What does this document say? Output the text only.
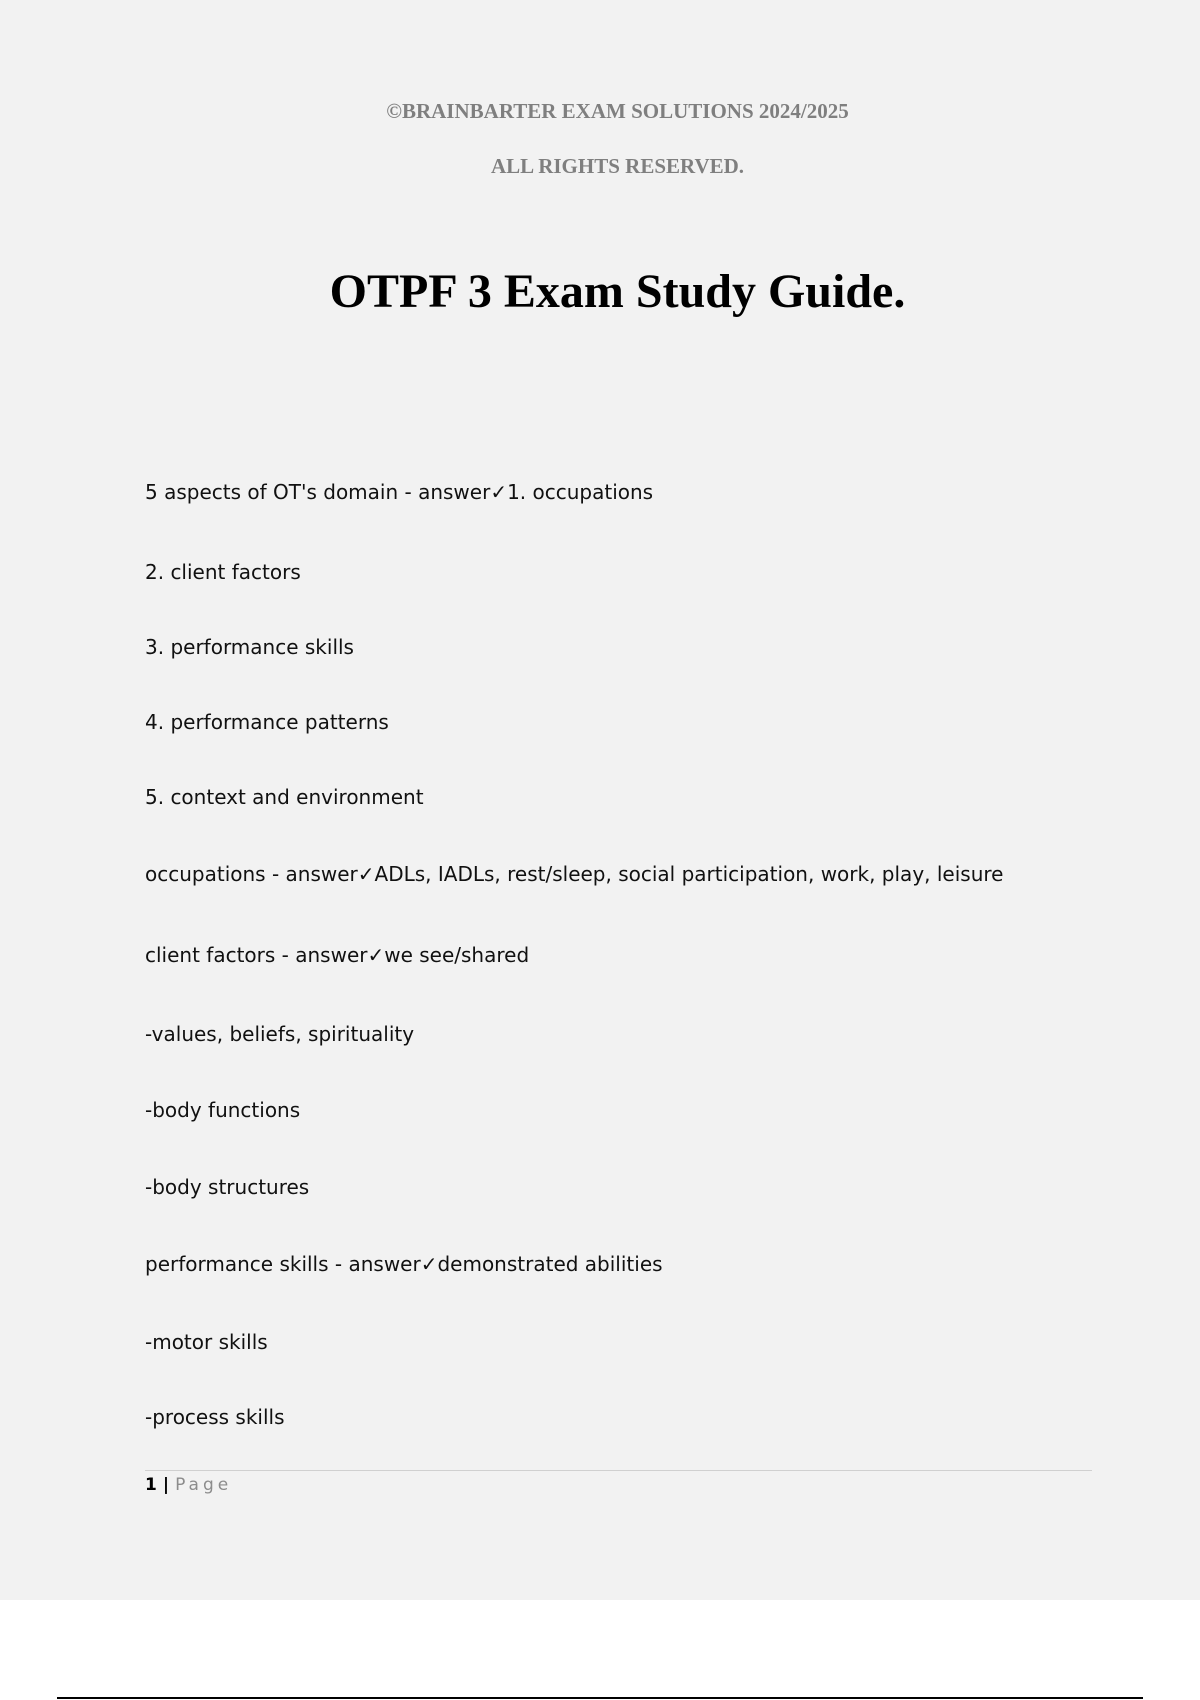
©BRAINBARTER EXAM SOLUTIONS 2024/2025

ALL RIGHTS RESERVED.

OTPF 3 Exam Study Guide.

5 aspects of OT's domain - answer✓1. occupations

2. client factors

3. performance skills

4. performance patterns

5. context and environment

occupations - answer✓ADLs, IADLs, rest/sleep, social participation, work, play, leisure

client factors - answer✓we see/shared

-values, beliefs, spirituality

-body functions

-body structures

performance skills - answer✓demonstrated abilities

-motor skills

-process skills

1 | Page
